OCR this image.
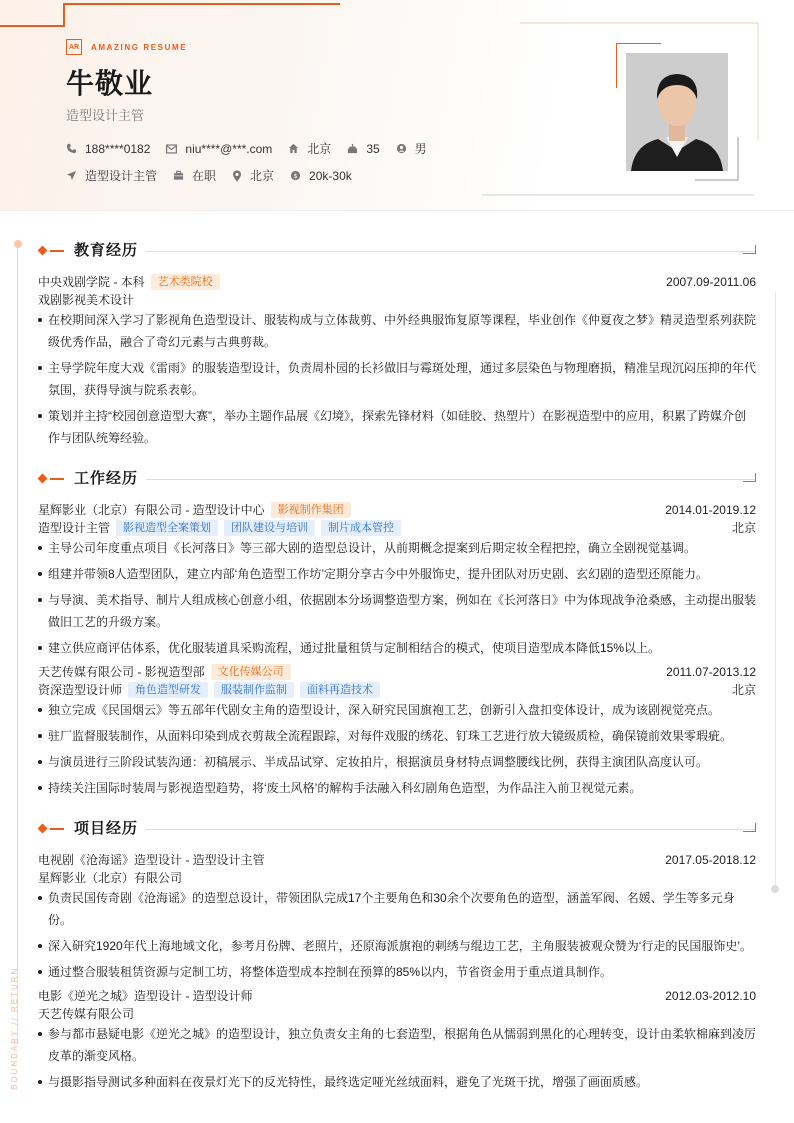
AR	AMAZING RESUME
牛敬业
造型设计主管
188****0182	niu****@***.com	北京	35	男
造型设计主管	在职	北京	$ 20k-30k
BOUNDARY // RETURN
教育经历
中央戏剧学院 - 本科	艺术类院校	2007.09-2011.06
戏剧影视美术设计
在校期间深入学习了影视角色造型设计、服装构成与立体裁剪、中外经典服饰复原等课程，毕业创作《仲夏夜之梦》精灵造型系列获院级优秀作品，融合了奇幻元素与古典剪裁。
主导学院年度大戏《雷雨》的服装造型设计，负责周朴园的长衫做旧与霉斑处理，通过多层染色与物理磨损，精准呈现沉闷压抑的年代氛围，获得导演与院系表彰。
策划并主持“校园创意造型大赛”，举办主题作品展《幻境》，探索先锋材料（如硅胶、热塑片）在影视造型中的应用，积累了跨媒介创作与团队统筹经验。
工作经历
星辉影业（北京）有限公司 - 造型设计中心	影视制作集团	2014.01-2019.12
造型设计主管	影视造型全案策划	团队建设与培训	制片成本管控	北京
主导公司年度重点项目《长河落日》等三部大剧的造型总设计，从前期概念提案到后期定妆全程把控，确立全剧视觉基调。
组建并带领8人造型团队，建立内部‘角色造型工作坊’定期分享古今中外服饰史，提升团队对历史剧、玄幻剧的造型还原能力。
与导演、美术指导、制片人组成核心创意小组，依据剧本分场调整造型方案，例如在《长河落日》中为体现战争沧桑感，主动提出服装做旧工艺的升级方案。
建立供应商评估体系，优化服装道具采购流程，通过批量租赁与定制相结合的模式，使项目造型成本降低15%以上。
天艺传媒有限公司 - 影视造型部	文化传媒公司	2011.07-2013.12
资深造型设计师	角色造型研发	服装制作监制	面料再造技术	北京
独立完成《民国烟云》等五部年代剧女主角的造型设计，深入研究民国旗袍工艺，创新引入盘扣变体设计，成为该剧视觉亮点。
驻厂监督服装制作，从面料印染到成衣剪裁全流程跟踪，对每件戏服的绣花、钉珠工艺进行放大镜级质检，确保镜前效果零瑕疵。
与演员进行三阶段试装沟通：初稿展示、半成品试穿、定妆拍片，根据演员身材特点调整腰线比例，获得主演团队高度认可。
持续关注国际时装周与影视造型趋势，将‘废土风格’的解构手法融入科幻剧角色造型，为作品注入前卫视觉元素。
项目经历
电视剧《沧海谣》造型设计 - 造型设计主管	2017.05-2018.12
星辉影业（北京）有限公司
负责民国传奇剧《沧海谣》的造型总设计，带领团队完成17个主要角色和30余个次要角色的造型，涵盖军阀、名媛、学生等多元身份。
深入研究1920年代上海地域文化，参考月份牌、老照片，还原海派旗袍的刺绣与绲边工艺，主角服装被观众赞为‘行走的民国服饰史’。
通过整合服装租赁资源与定制工坊，将整体造型成本控制在预算的85%以内，节省资金用于重点道具制作。
电影《逆光之城》造型设计 - 造型设计师	2012.03-2012.10
天艺传媒有限公司
参与都市悬疑电影《逆光之城》的造型设计，独立负责女主角的七套造型，根据角色从懦弱到黑化的心理转变，设计由柔软棉麻到凌厉皮革的渐变风格。
与摄影指导测试多种面料在夜景灯光下的反光特性，最终选定哑光丝绒面料，避免了光斑干扰，增强了画面质感。
